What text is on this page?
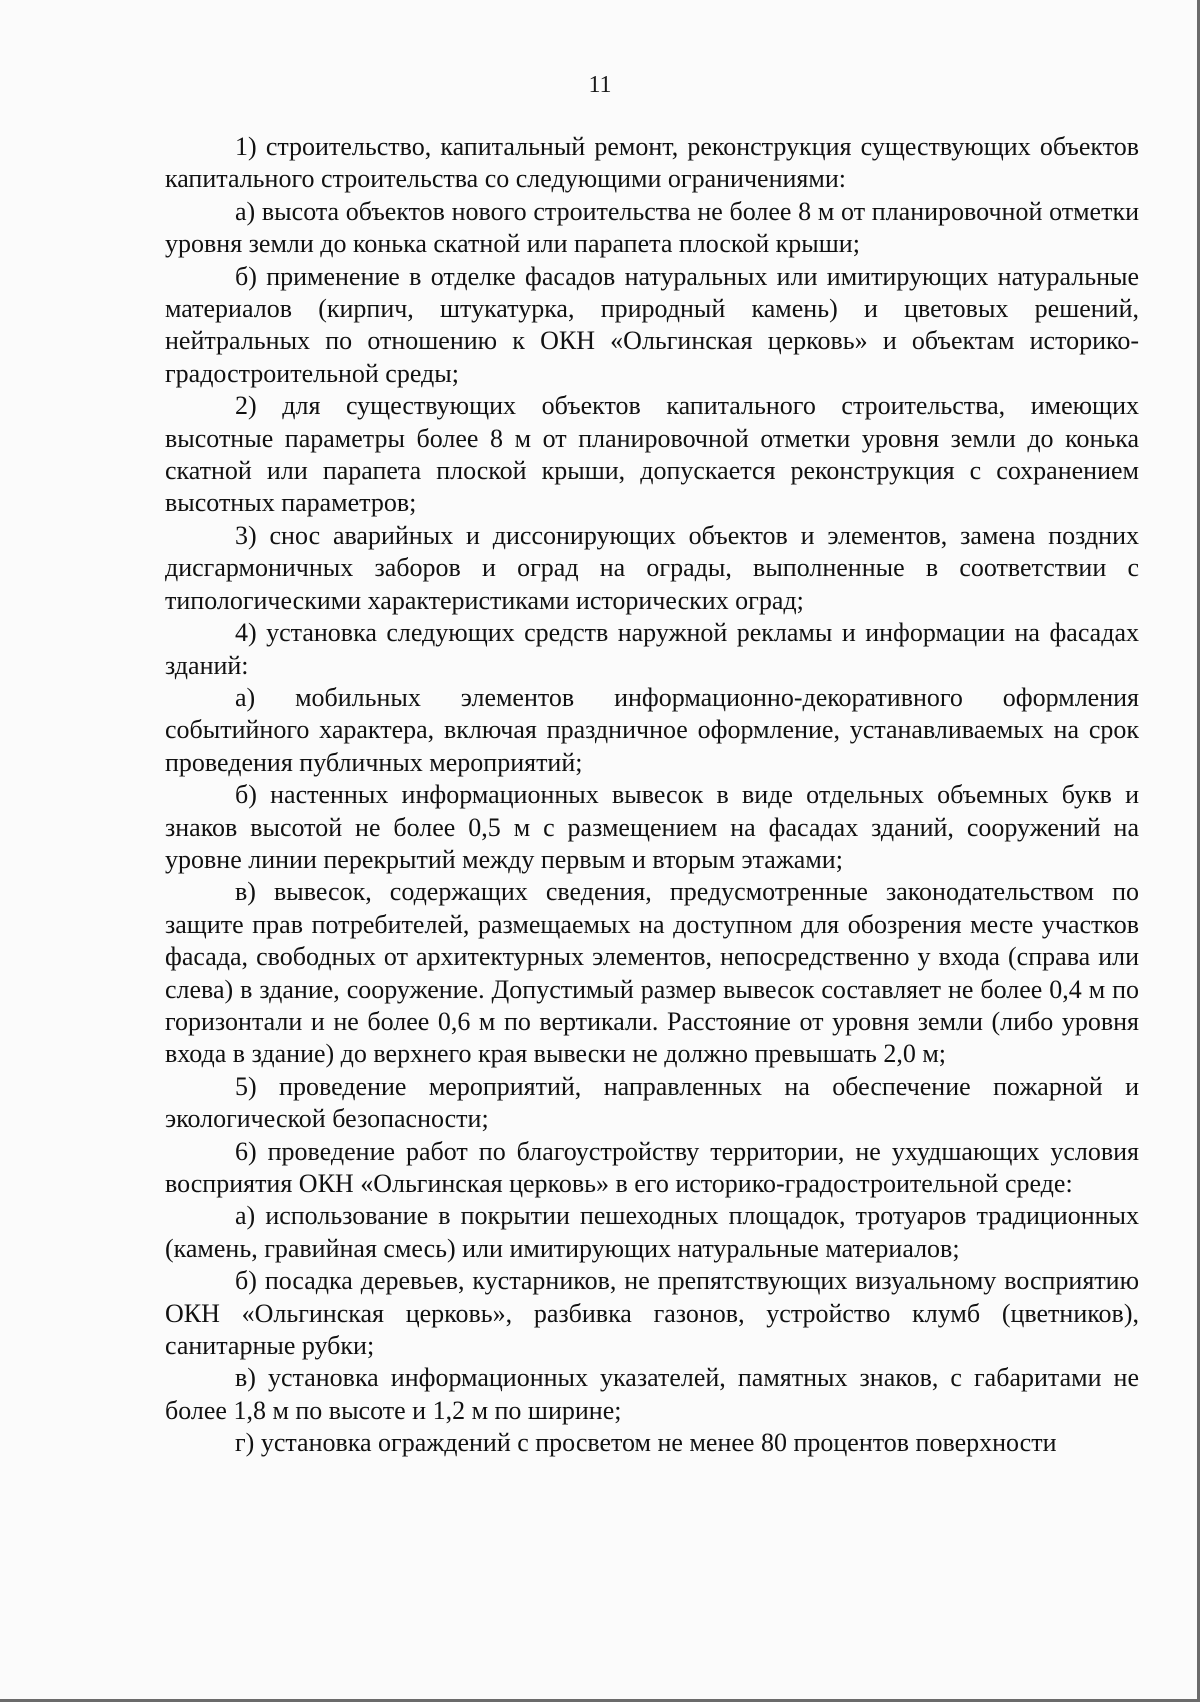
11

1) строительство, капитальный ремонт, реконструкция существующих объектов капитального строительства со следующими ограничениями:

а) высота объектов нового строительства не более 8 м от планировочной отметки уровня земли до конька скатной или парапета плоской крыши;

б) применение в отделке фасадов натуральных или имитирующих натуральные материалов (кирпич, штукатурка, природный камень) и цветовых решений, нейтральных по отношению к ОКН «Ольгинская церковь» и объектам историко-градостроительной среды;

2) для существующих объектов капитального строительства, имеющих высотные параметры более 8 м от планировочной отметки уровня земли до конька скатной или парапета плоской крыши, допускается реконструкция с сохранением высотных параметров;

3) снос аварийных и диссонирующих объектов и элементов, замена поздних дисгармоничных заборов и оград на ограды, выполненные в соответствии с типологическими характеристиками исторических оград;

4) установка следующих средств наружной рекламы и информации на фасадах зданий:

а) мобильных элементов информационно-декоративного оформления событийного характера, включая праздничное оформление, устанавливаемых на срок проведения публичных мероприятий;

б) настенных информационных вывесок в виде отдельных объемных букв и знаков высотой не более 0,5 м с размещением на фасадах зданий, сооружений на уровне линии перекрытий между первым и вторым этажами;

в) вывесок, содержащих сведения, предусмотренные законодательством по защите прав потребителей, размещаемых на доступном для обозрения месте участков фасада, свободных от архитектурных элементов, непосредственно у входа (справа или слева) в здание, сооружение. Допустимый размер вывесок составляет не более 0,4 м по горизонтали и не более 0,6 м по вертикали. Расстояние от уровня земли (либо уровня входа в здание) до верхнего края вывески не должно превышать 2,0 м;

5) проведение мероприятий, направленных на обеспечение пожарной и экологической безопасности;

6) проведение работ по благоустройству территории, не ухудшающих условия восприятия ОКН «Ольгинская церковь» в его историко-градостроительной среде:

а) использование в покрытии пешеходных площадок, тротуаров традиционных (камень, гравийная смесь) или имитирующих натуральные материалов;

б) посадка деревьев, кустарников, не препятствующих визуальному восприятию ОКН «Ольгинская церковь», разбивка газонов, устройство клумб (цветников), санитарные рубки;

в) установка информационных указателей, памятных знаков, с габаритами не более 1,8 м по высоте и 1,2 м по ширине;

г) установка ограждений с просветом не менее 80 процентов поверхности
